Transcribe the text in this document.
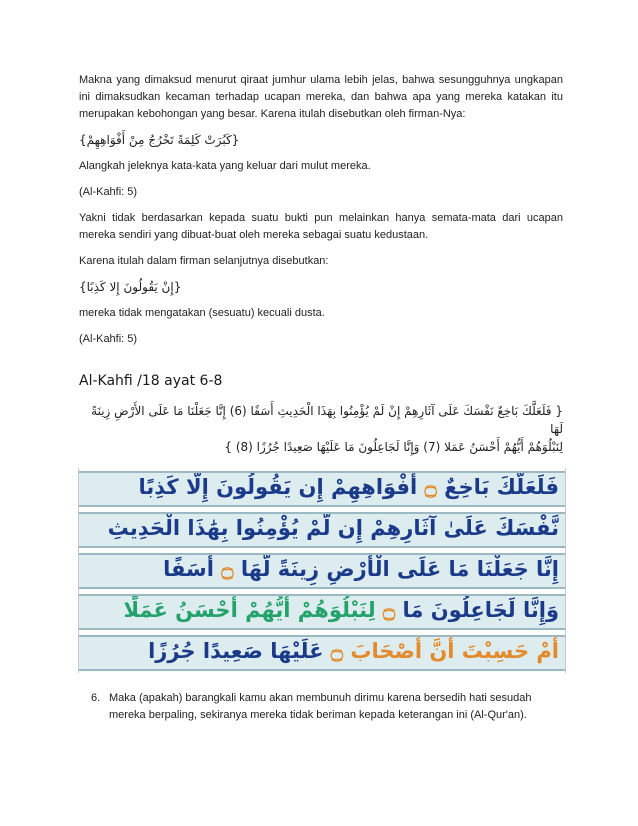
Makna yang dimaksud menurut qiraat jumhur ulama lebih jelas, bahwa sesungguhnya ungkapan ini dimaksudkan kecaman terhadap ucapan mereka, dan bahwa apa yang mereka katakan itu merupakan kebohongan yang besar. Karena itulah disebutkan oleh firman-Nya:

{كَبُرَتْ كَلِمَةً تَخْرُجُ مِنْ أَفْوَاهِهِمْ}

Alangkah jeleknya kata-kata yang keluar dari mulut mereka.

(Al-Kahfi: 5)

Yakni tidak berdasarkan kepada suatu bukti pun melainkan hanya semata-mata dari ucapan mereka sendiri yang dibuat-buat oleh mereka sebagai suatu kedustaan.

Karena itulah dalam firman selanjutnya disebutkan:

{إِنْ يَقُولُونَ إِلا كَذِبًا}

mereka tidak mengatakan (sesuatu) kecuali dusta.

(Al-Kahfi: 5)

Al-Kahfi /18 ayat 6-8
{ فَلَعَلَّكَ بَاخِعٌ نَفْسَكَ عَلَى آثَارِهِمْ إِنْ لَمْ يُؤْمِنُوا بِهَذَا الْحَدِيثِ أَسَفًا (6) إِنَّا جَعَلْنَا مَا عَلَى الأَرْضِ زِينَةً لَهَا
لِنَبْلُوَهُمْ أَيُّهُمْ أَحْسَنُ عَمَلا (7) وَإِنَّا لَجَاعِلُونَ مَا عَلَيْهَا صَعِيدًا جُرُزًا (8) }
فَلَعَلَّكَ بَاخِعٌ ۝ أَفْوَاهِهِمْ إِن يَقُولُونَ إِلَّا كَذِبًا
نَّفْسَكَ عَلَىٰ آثَارِهِمْ إِن لَّمْ يُؤْمِنُوا بِهَٰذَا الْحَدِيثِ
إِنَّا جَعَلْنَا مَا عَلَى الْأَرْضِ زِينَةً لَّهَا ۝ أَسَفًا
وَإِنَّا لَجَاعِلُونَ مَا ۝ لِنَبْلُوَهُمْ أَيُّهُمْ أَحْسَنُ عَمَلًا
أَمْ حَسِبْتَ أَنَّ أَصْحَابَ ۝ عَلَيْهَا صَعِيدًا جُرُزًا
6. Maka (apakah) barangkali kamu akan membunuh dirimu karena bersedih hati sesudah mereka berpaling, sekiranya mereka tidak beriman kepada keterangan ini (Al-Qur'an).
